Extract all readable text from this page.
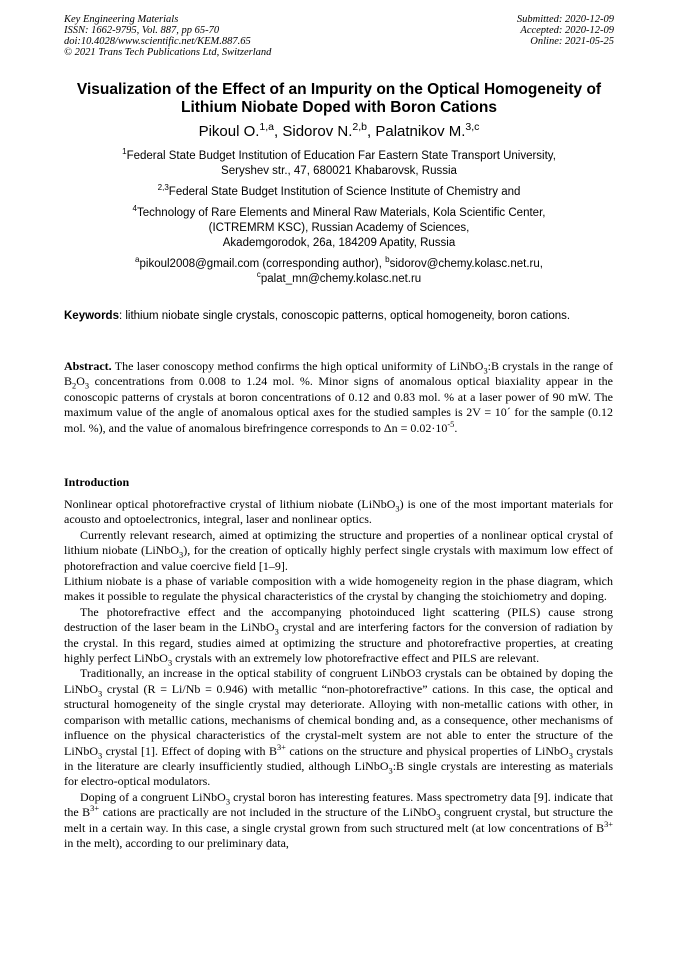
Key Engineering Materials
ISSN: 1662-9795, Vol. 887, pp 65-70
doi:10.4028/www.scientific.net/KEM.887.65
© 2021 Trans Tech Publications Ltd, Switzerland
Submitted: 2020-12-09
Accepted: 2020-12-09
Online: 2021-05-25
Visualization of the Effect of an Impurity on the Optical Homogeneity of
Lithium Niobate Doped with Boron Cations
Pikoul O.$^{1,a}$, Sidorov N.$^{2,b}$, Palatnikov M.$^{3,c}$
$^1$Federal State Budget Institution of Education Far Eastern State Transport University,
Seryshev str., 47, 680021 Khabarovsk, Russia
$^{2,3}$Federal State Budget Institution of Science Institute of Chemistry and
$^4$Technology of Rare Elements and Mineral Raw Materials, Kola Scientific Center,
(ICTREMRM KSC), Russian Academy of Sciences,
Akademgorodok, 26a, 184209 Apatity, Russia
$^a$pikoul2008@gmail.com (corresponding author), $^b$sidorov@chemy.kolasc.net.ru,
$^c$palat_mn@chemy.kolasc.net.ru
Keywords: lithium niobate single crystals, conoscopic patterns, optical homogeneity, boron cations.
Abstract. The laser conoscopy method confirms the high optical uniformity of LiNbO$_3$:B crystals in the range of $B_2O_3$ concentrations from 0.008 to 1.24 mol. %. Minor signs of anomalous optical biaxiality appear in the conoscopic patterns of crystals at boron concentrations of 0.12 and 0.83 mol. % at a laser power of 90 mW. The maximum value of the angle of anomalous optical axes for the studied samples is 2V = 10´ for the sample (0.12 mol. %), and the value of anomalous birefringence corresponds to $\Delta n = 0.02\cdot 10^{-5}$.
Introduction

Nonlinear optical photorefractive crystal of lithium niobate (LiNbO$_3$) is one of the most important materials for acousto and optoelectronics, integral, laser and nonlinear optics.

Currently relevant research, aimed at optimizing the structure and properties of a nonlinear optical crystal of lithium niobate (LiNbO$_3$), for the creation of optically highly perfect single crystals with maximum low effect of photorefraction and value coercive field [1–9].

Lithium niobate is a phase of variable composition with a wide homogeneity region in the phase diagram, which makes it possible to regulate the physical characteristics of the crystal by changing the stoichiometry and doping.

The photorefractive effect and the accompanying photoinduced light scattering (PILS) cause strong destruction of the laser beam in the LiNbO$_3$ crystal and are interfering factors for the conversion of radiation by the crystal. In this regard, studies aimed at optimizing the structure and photorefractive properties, at creating highly perfect LiNbO$_3$ crystals with an extremely low photorefractive effect and PILS are relevant.

Traditionally, an increase in the optical stability of congruent LiNbO3 crystals can be obtained by doping the LiNbO$_3$ crystal (R = Li/Nb = 0.946) with metallic “non-photorefractive” cations. In this case, the optical and structural homogeneity of the single crystal may deteriorate. Alloying with non-metallic cations with other, in comparison with metallic cations, mechanisms of chemical bonding and, as a consequence, other mechanisms of influence on the physical characteristics of the crystal-melt system are not able to enter the structure of the LiNbO$_3$ crystal [1]. Effect of doping with $B^{3+}$ cations on the structure and physical properties of LiNbO$_3$ crystals in the literature are clearly insufficiently studied, although LiNbO$_3$:B single crystals are interesting as materials for electro-optical modulators.

Doping of a congruent LiNbO$_3$ crystal boron has interesting features. Mass spectrometry data [9]. indicate that the $B^{3+}$ cations are practically are not included in the structure of the LiNbO$_3$ congruent crystal, but structure the melt in a certain way. In this case, a single crystal grown from such structured melt (at low concentrations of $B^{3+}$ in the melt), according to our preliminary data,
